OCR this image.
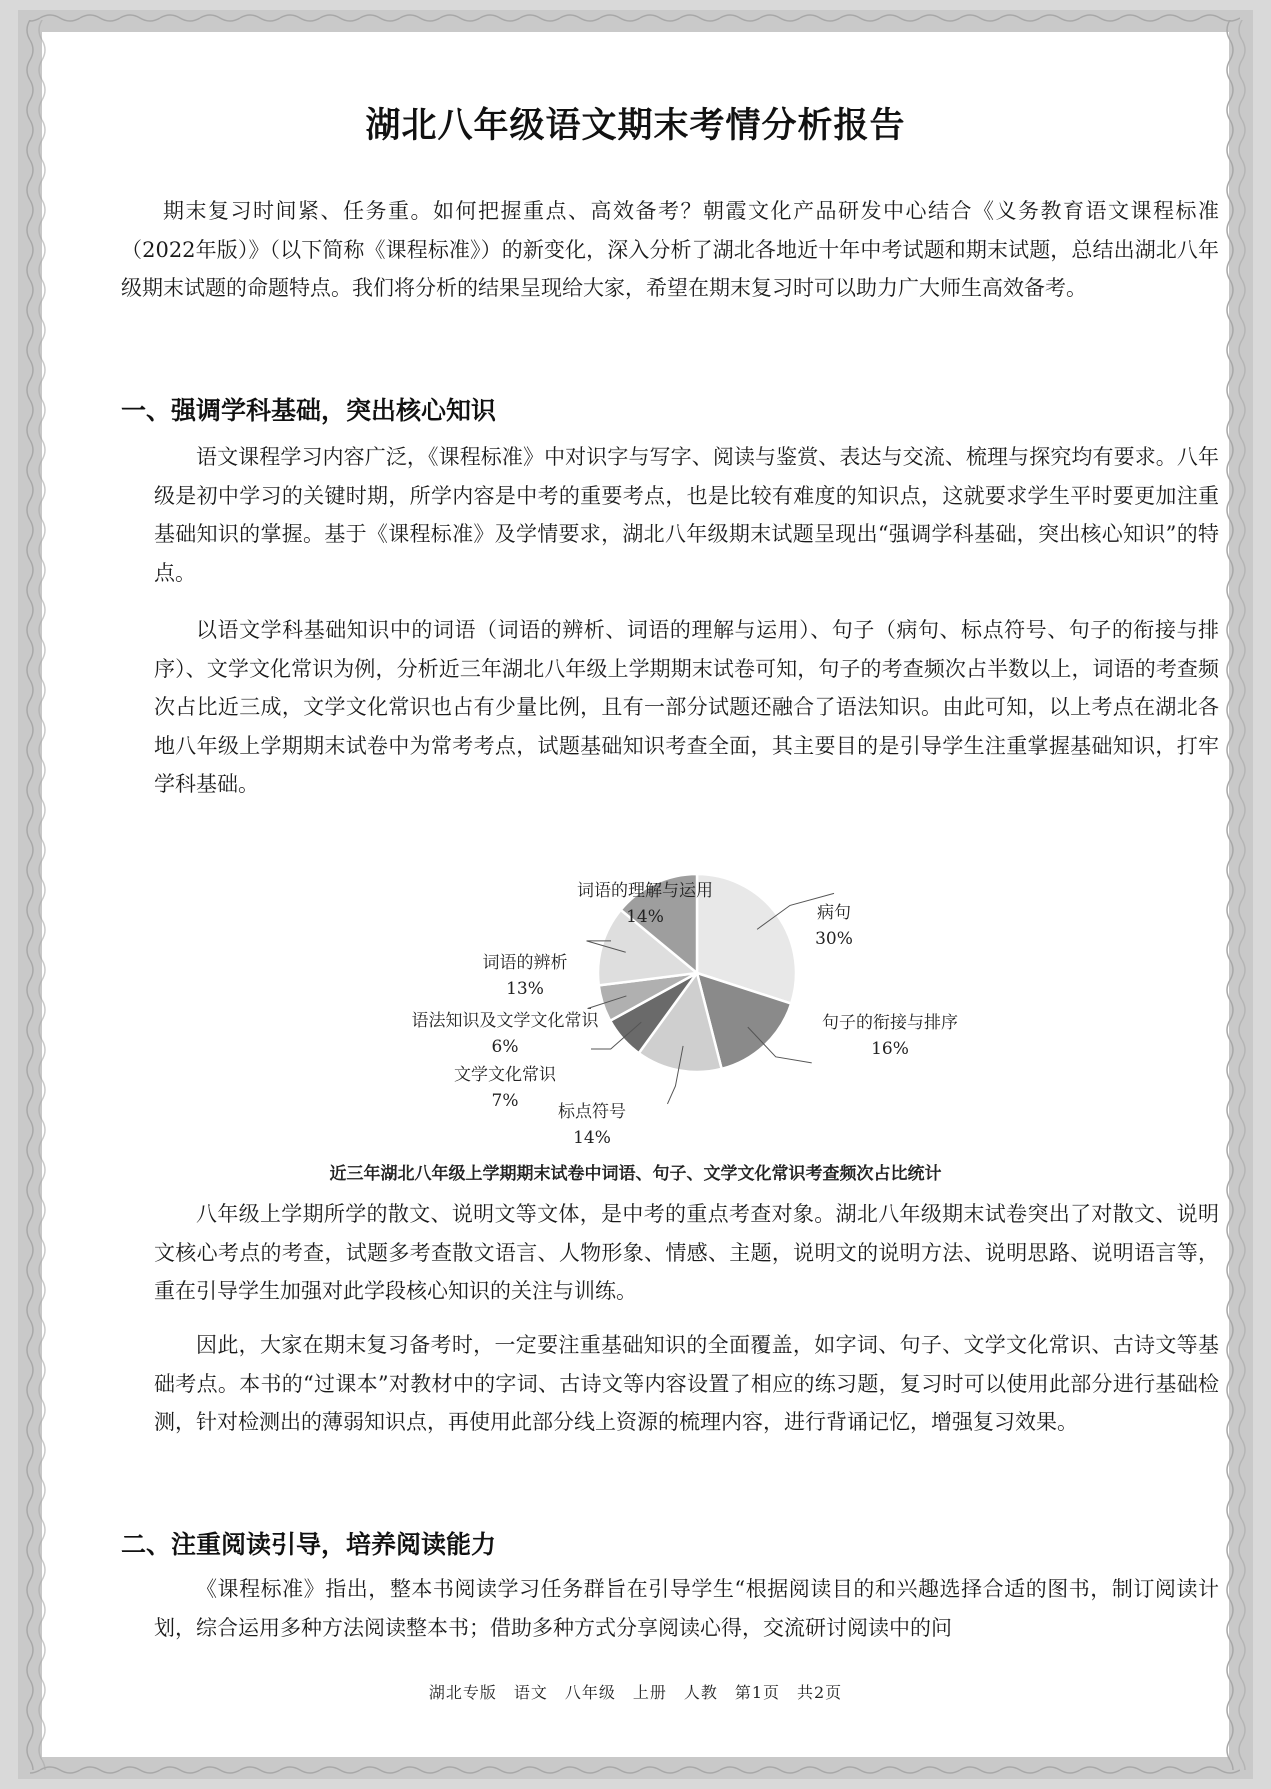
湖北八年级语文期末考情分析报告
期末复习时间紧、任务重。如何把握重点、高效备考？朝霞文化产品研发中心结合《义务教育语文课程标准（2022年版）》（以下简称《课程标准》）的新变化，深入分析了湖北各地近十年中考试题和期末试题，总结出湖北八年级期末试题的命题特点。我们将分析的结果呈现给大家，希望在期末复习时可以助力广大师生高效备考。
一、强调学科基础，突出核心知识
语文课程学习内容广泛，《课程标准》中对识字与写字、阅读与鉴赏、表达与交流、梳理与探究均有要求。八年级是初中学习的关键时期，所学内容是中考的重要考点，也是比较有难度的知识点，这就要求学生平时要更加注重基础知识的掌握。基于《课程标准》及学情要求，湖北八年级期末试题呈现出“强调学科基础，突出核心知识”的特点。
以语文学科基础知识中的词语（词语的辨析、词语的理解与运用）、句子（病句、标点符号、句子的衔接与排序）、文学文化常识为例，分析近三年湖北八年级上学期期末试卷可知，句子的考查频次占半数以上，词语的考查频次占比近三成，文学文化常识也占有少量比例，且有一部分试题还融合了语法知识。由此可知，以上考点在湖北各地八年级上学期期末试卷中为常考考点，试题基础知识考查全面，其主要目的是引导学生注重掌握基础知识，打牢学科基础。
病句
30%
句子的衔接与排序
16%
标点符号
14%
文学文化常识
7%
语法知识及文学文化常识
6%
词语的辨析
13%
词语的理解与运用
14%
近三年湖北八年级上学期期末试卷中词语、句子、文学文化常识考查频次占比统计
八年级上学期所学的散文、说明文等文体，是中考的重点考查对象。湖北八年级期末试卷突出了对散文、说明文核心考点的考查，试题多考查散文语言、人物形象、情感、主题，说明文的说明方法、说明思路、说明语言等，重在引导学生加强对此学段核心知识的关注与训练。
因此，大家在期末复习备考时，一定要注重基础知识的全面覆盖，如字词、句子、文学文化常识、古诗文等基础考点。本书的“过课本”对教材中的字词、古诗文等内容设置了相应的练习题，复习时可以使用此部分进行基础检测，针对检测出的薄弱知识点，再使用此部分线上资源的梳理内容，进行背诵记忆，增强复习效果。
二、注重阅读引导，培养阅读能力
《课程标准》指出，整本书阅读学习任务群旨在引导学生“根据阅读目的和兴趣选择合适的图书，制订阅读计划，综合运用多种方法阅读整本书；借助多种方式分享阅读心得，交流研讨阅读中的问
湖北专版　语文　八年级　上册　人教　第1页　共2页
